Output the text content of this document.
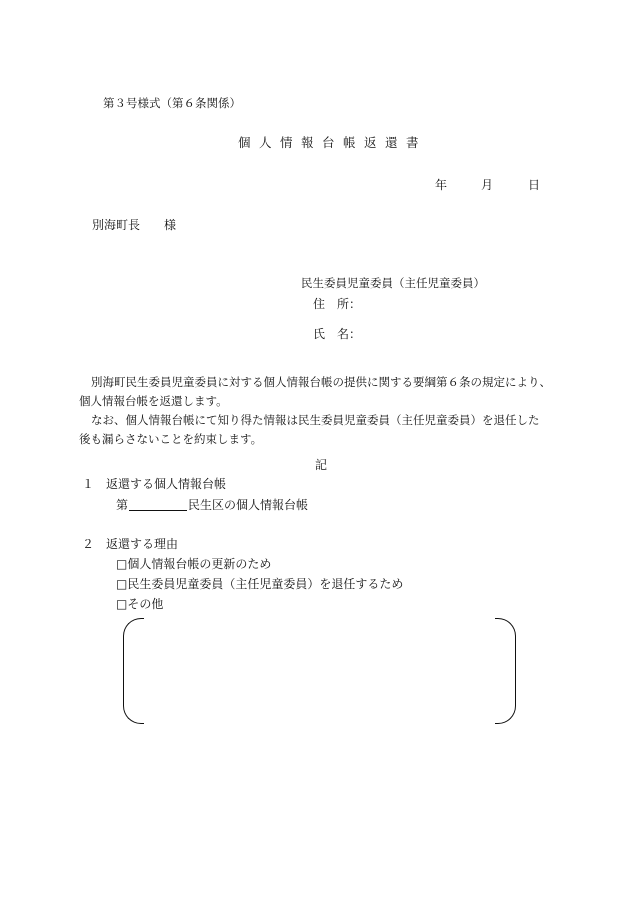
第３号様式（第６条関係）
個人情報台帳返還書
年	月	日
別海町長　　様
民生委員児童委員（主任児童委員）
住　所：
氏　名：
別海町民生委員児童委員に対する個人情報台帳の提供に関する要綱第６条の規定により、
個人情報台帳を返還します。
なお、個人情報台帳にて知り得た情報は民生委員児童委員（主任児童委員）を退任した
後も漏らさないことを約束します。
記
１　返還する個人情報台帳
第	民生区の個人情報台帳
２　返還する理由
□個人情報台帳の更新のため
□民生委員児童委員（主任児童委員）を退任するため
□その他
